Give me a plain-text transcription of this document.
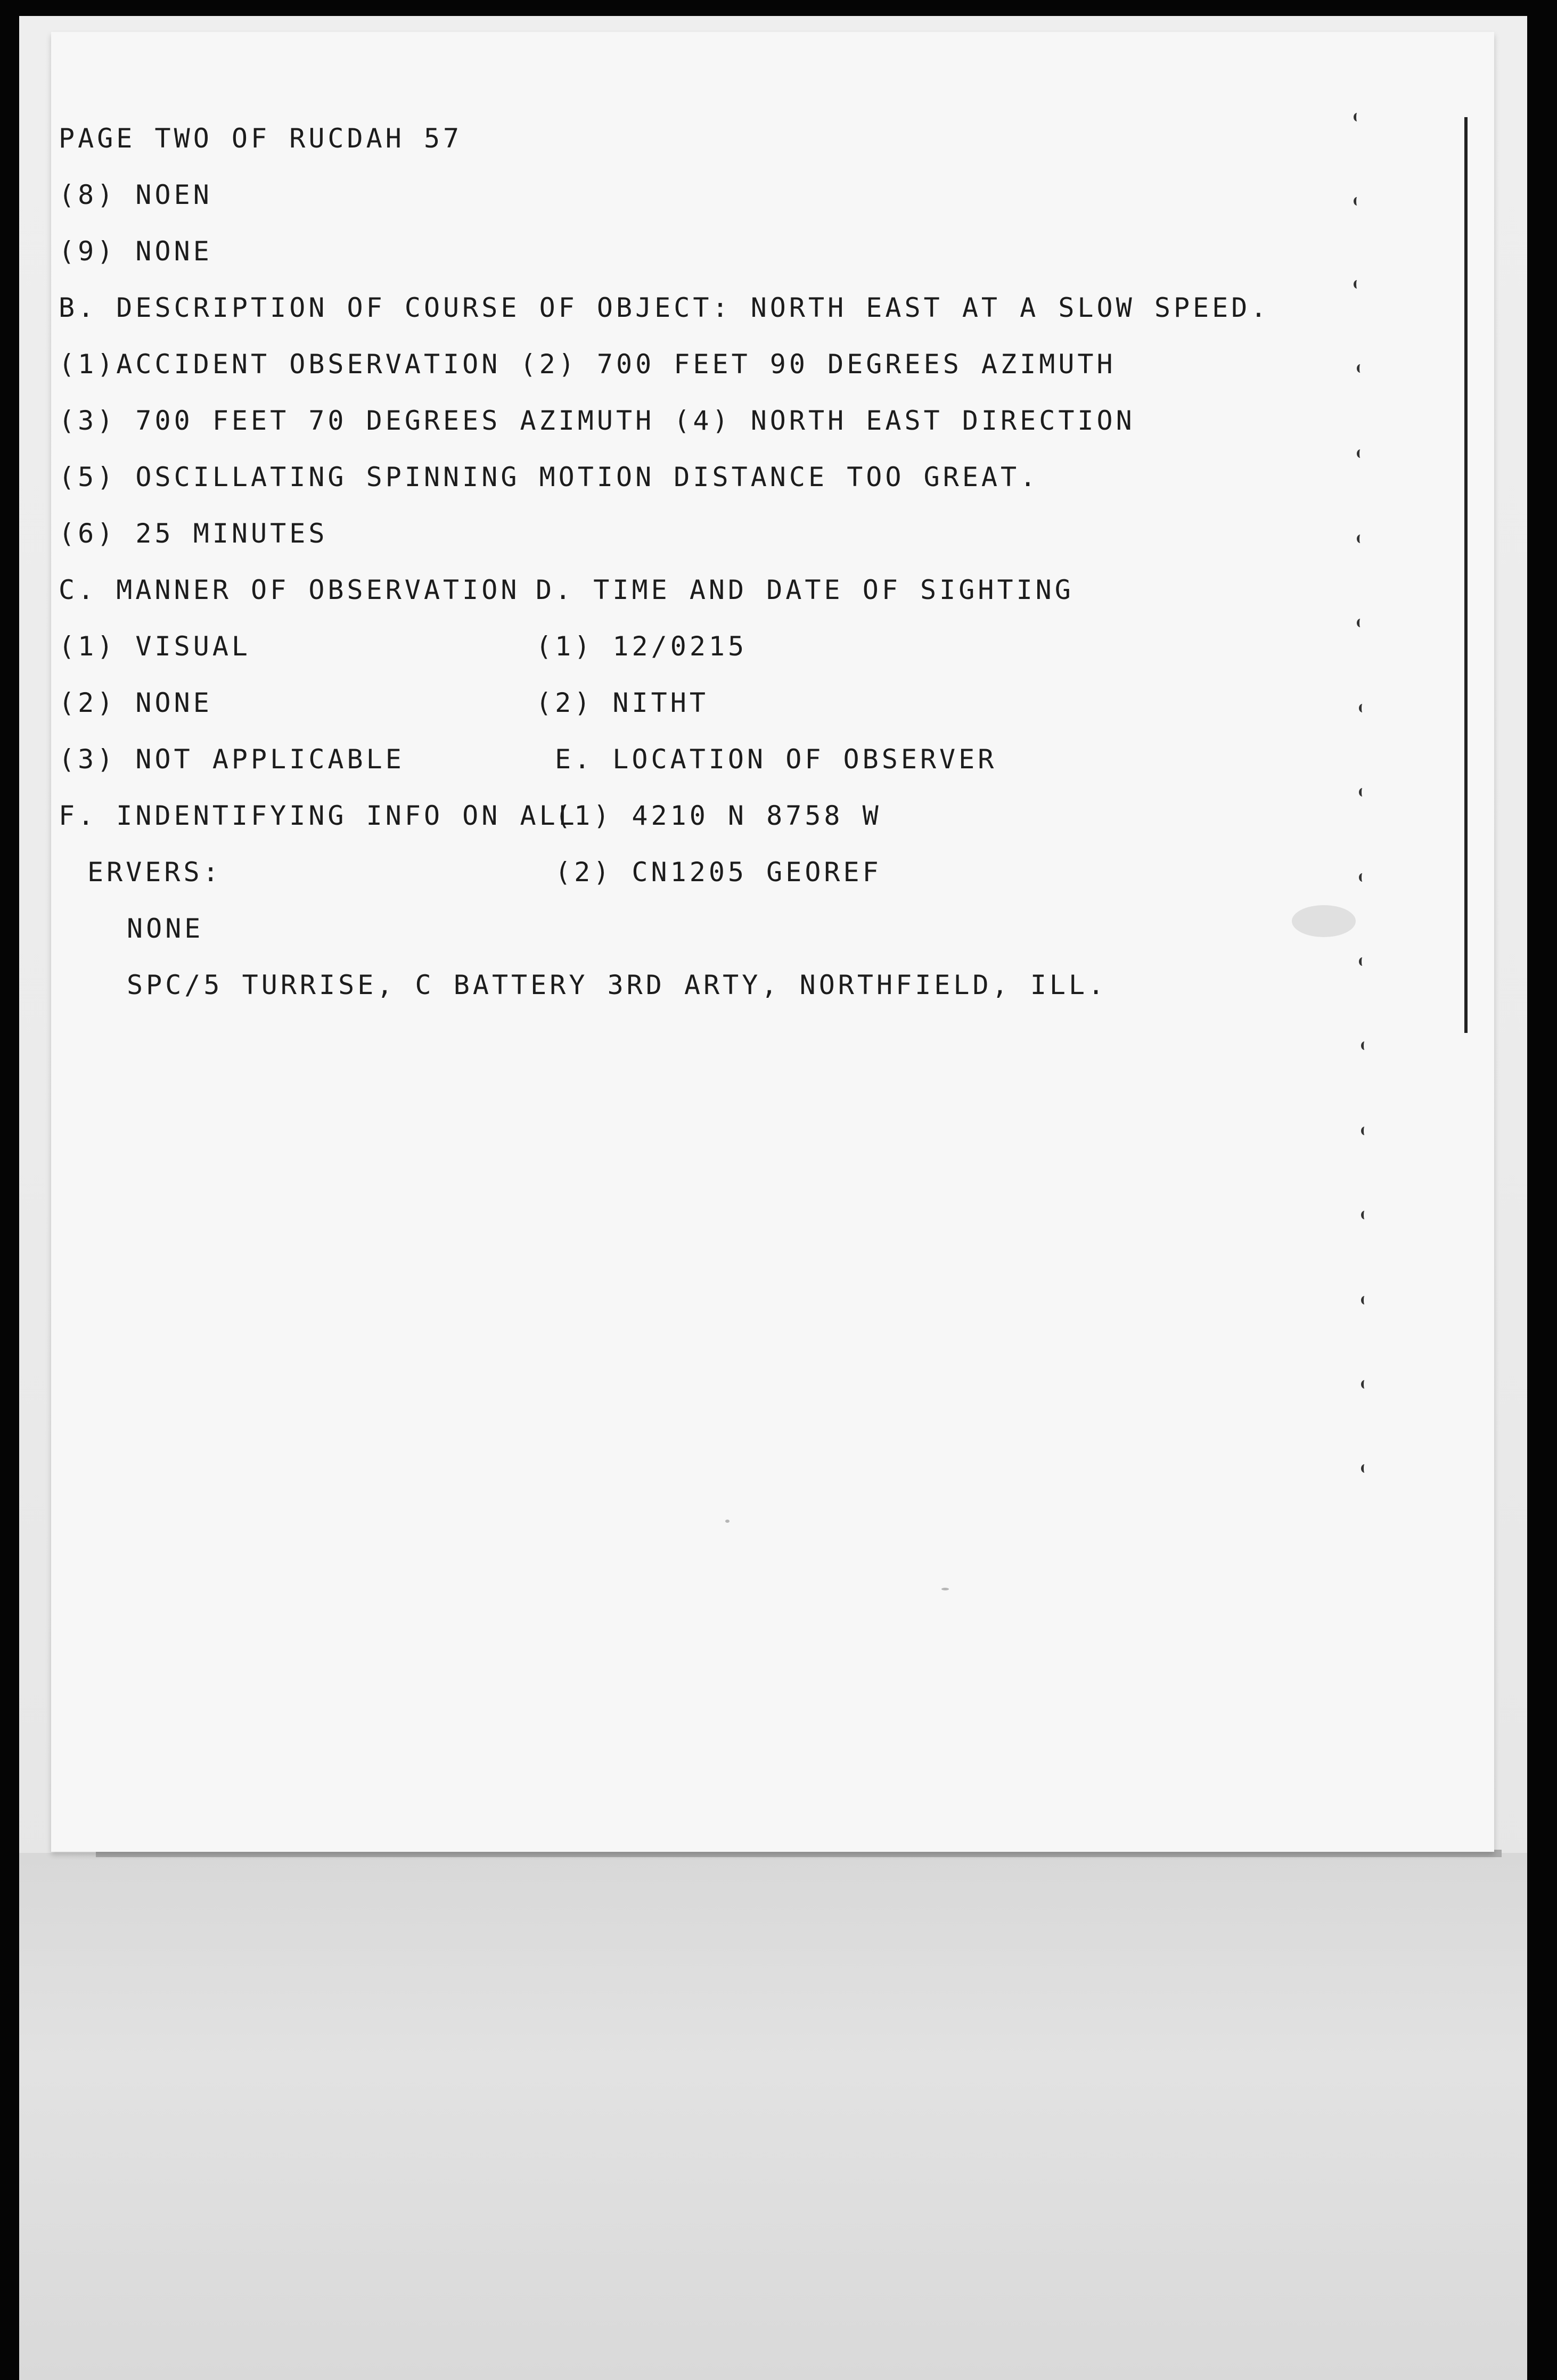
PAGE TWO OF RUCDAH 57

(8) NOEN

(9) NONE

B. DESCRIPTION OF COURSE OF OBJECT: NORTH EAST AT A SLOW SPEED.

(1)ACCIDENT OBSERVATION (2) 700 FEET 90 DEGREES AZIMUTH

(3) 700 FEET 70 DEGREES AZIMUTH (4) NORTH EAST DIRECTION

(5) OSCILLATING SPINNING MOTION DISTANCE TOO GREAT.

(6) 25 MINUTES

C. MANNER OF OBSERVATION

(1) VISUAL

(2) NONE

(3) NOT APPLICABLE

F. INDENTIFYING INFO ON ALL

ERVERS:

NONE

SPC/5 TURRISE, C BATTERY 3RD ARTY, NORTHFIELD, ILL.

D. TIME AND DATE OF SIGHTING

(1) 12/0215

(2) NITHT

E. LOCATION OF OBSERVER

(1) 4210 N 8758 W

(2) CN1205 GEOREF
